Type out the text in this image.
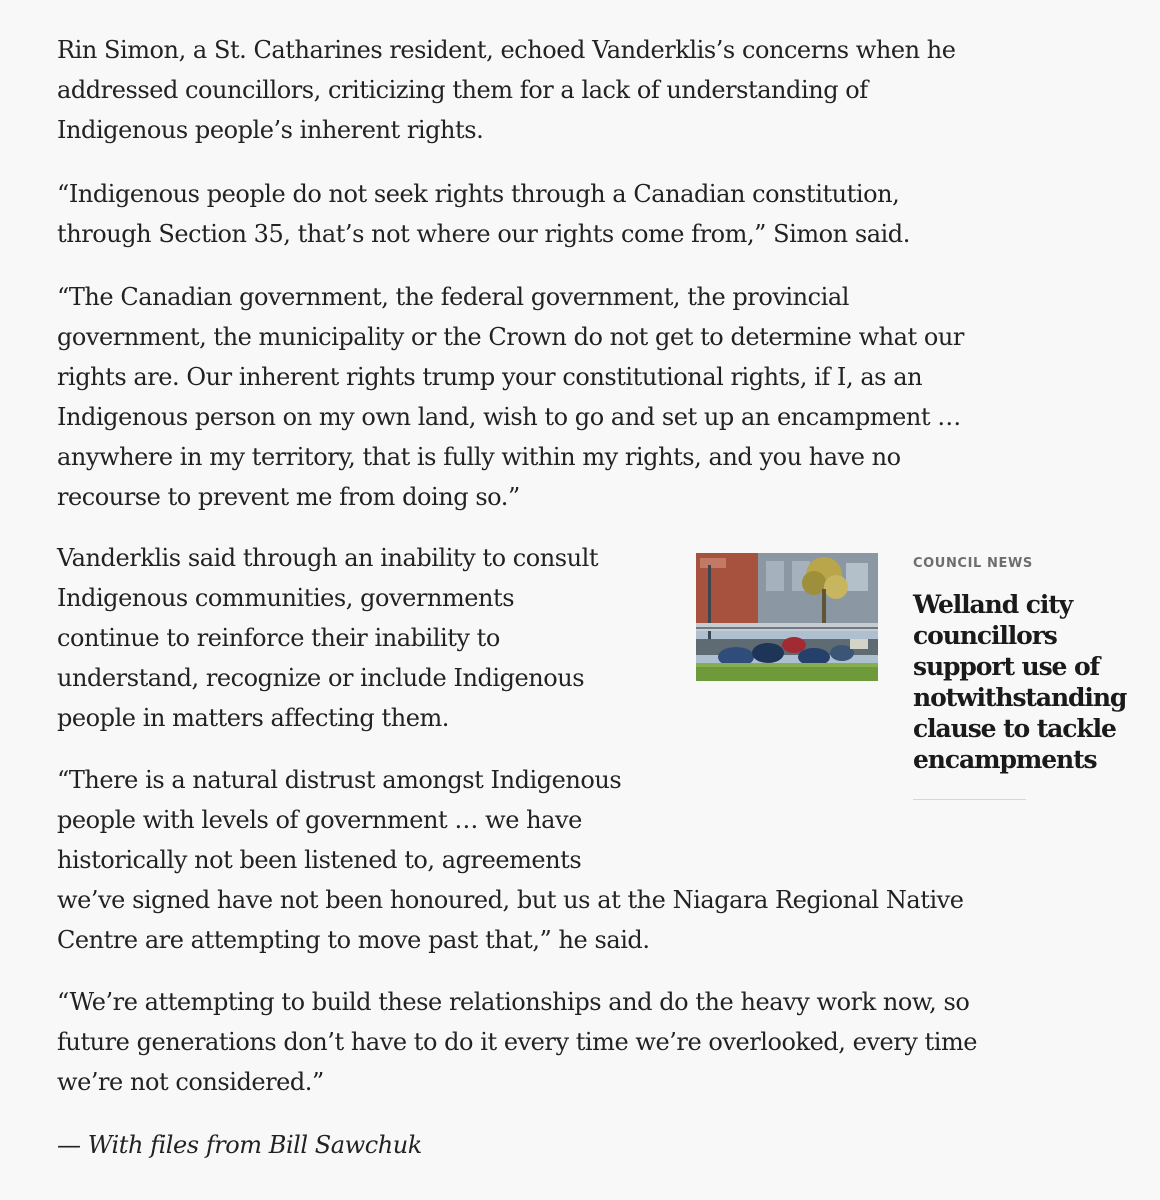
Rin Simon, a St. Catharines resident, echoed Vanderklis’s concerns when he
addressed councillors, criticizing them for a lack of understanding of
Indigenous people’s inherent rights.

“Indigenous people do not seek rights through a Canadian constitution,
through Section 35, that’s not where our rights come from,” Simon said.

“The Canadian government, the federal government, the provincial
government, the municipality or the Crown do not get to determine what our
rights are. Our inherent rights trump your constitutional rights, if I, as an
Indigenous person on my own land, wish to go and set up an encampment …
anywhere in my territory, that is fully within my rights, and you have no
recourse to prevent me from doing so.”

Vanderklis said through an inability to consult
Indigenous communities, governments
continue to reinforce their inability to
understand, recognize or include Indigenous
people in matters affecting them.

“There is a natural distrust amongst Indigenous
people with levels of government … we have
historically not been listened to, agreements
we’ve signed have not been honoured, but us at the Niagara Regional Native
Centre are attempting to move past that,” he said.

“We’re attempting to build these relationships and do the heavy work now, so
future generations don’t have to do it every time we’re overlooked, every time
we’re not considered.”

— With files from Bill Sawchuk

COUNCIL NEWS

Welland city
councillors
support use of
notwithstanding
clause to tackle
encampments
